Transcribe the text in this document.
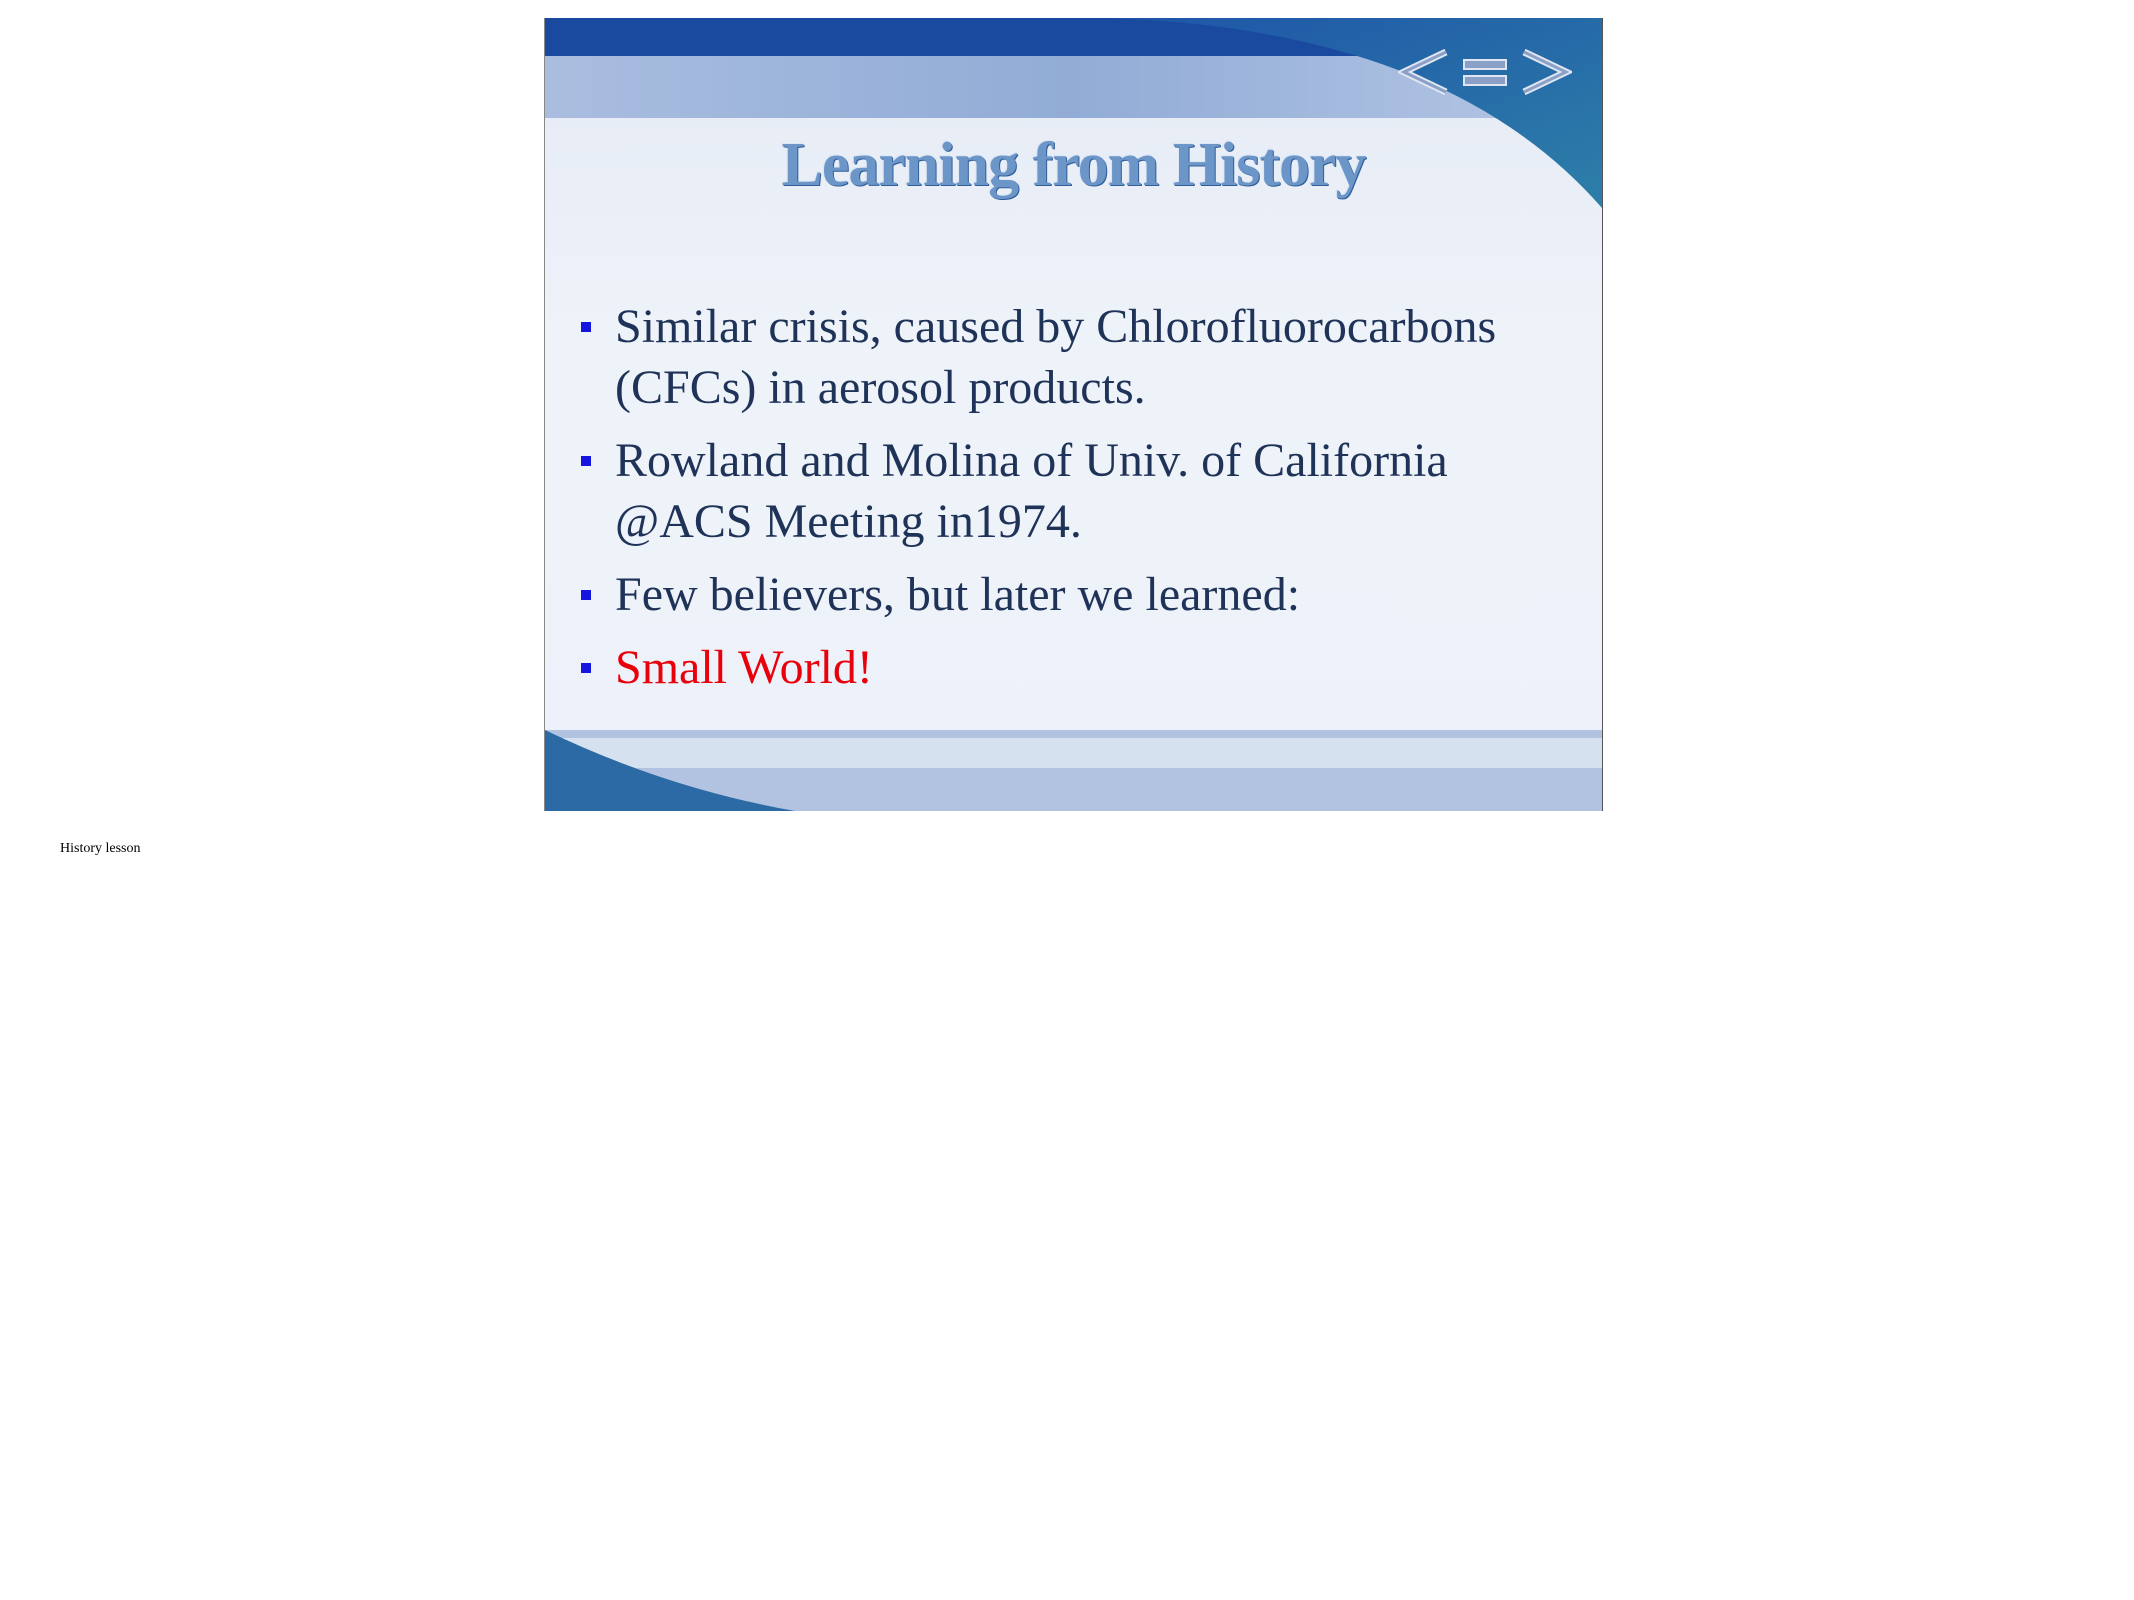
Learning from History
Similar crisis, caused by Chlorofluorocarbons (CFCs) in aerosol products.
Rowland and Molina of Univ. of California @ACS Meeting in1974.
Few believers, but later we learned:
Small World!
History lesson
